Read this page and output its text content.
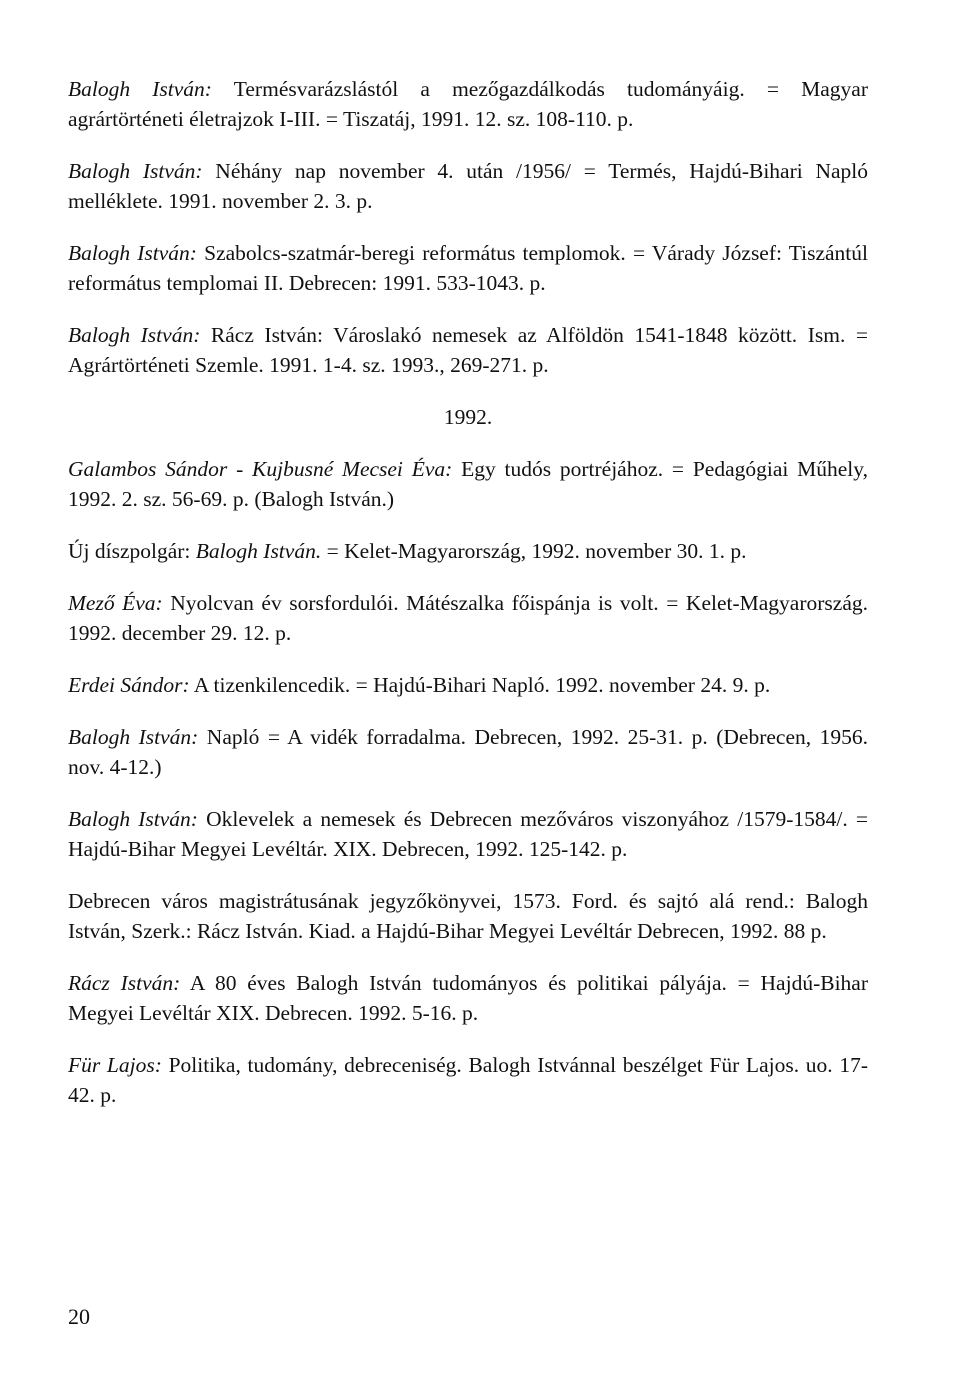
Balogh István: Termésvarázslástól a mezőgazdálkodás tudományáig. = Magyar agrártörténeti életrajzok I-III. = Tiszatáj, 1991. 12. sz. 108-110. p.

Balogh István: Néhány nap november 4. után /1956/ = Termés, Hajdú-Bihari Napló melléklete. 1991. november 2. 3. p.

Balogh István: Szabolcs-szatmár-beregi református templomok. = Várady József: Tiszántúl református templomai II. Debrecen: 1991. 533-1043. p.

Balogh István: Rácz István: Városlakó nemesek az Alföldön 1541-1848 között. Ism. = Agrártörténeti Szemle. 1991. 1-4. sz. 1993., 269-271. p.

1992.

Galambos Sándor - Kujbusné Mecsei Éva: Egy tudós portréjához. = Pedagógiai Műhely, 1992. 2. sz. 56-69. p. (Balogh István.)

Új díszpolgár: Balogh István. = Kelet-Magyarország, 1992. november 30. 1. p.

Mező Éva: Nyolcvan év sorsfordulói. Mátészalka főispánja is volt. = Kelet-Magyarország. 1992. december 29. 12. p.

Erdei Sándor: A tizenkilencedik. = Hajdú-Bihari Napló. 1992. november 24. 9. p.

Balogh István: Napló = A vidék forradalma. Debrecen, 1992. 25-31. p. (Debrecen, 1956. nov. 4-12.)

Balogh István: Oklevelek a nemesek és Debrecen mezőváros viszonyához /1579-1584/. = Hajdú-Bihar Megyei Levéltár. XIX. Debrecen, 1992. 125-142. p.

Debrecen város magistrátusának jegyzőkönyvei, 1573. Ford. és sajtó alá rend.: Balogh István, Szerk.: Rácz István. Kiad. a Hajdú-Bihar Megyei Levéltár Debrecen, 1992. 88 p.

Rácz István: A 80 éves Balogh István tudományos és politikai pályája. = Hajdú-Bihar Megyei Levéltár XIX. Debrecen. 1992. 5-16. p.

Für Lajos: Politika, tudomány, debreceniség. Balogh Istvánnal beszélget Für Lajos. uo. 17-42. p.

20
